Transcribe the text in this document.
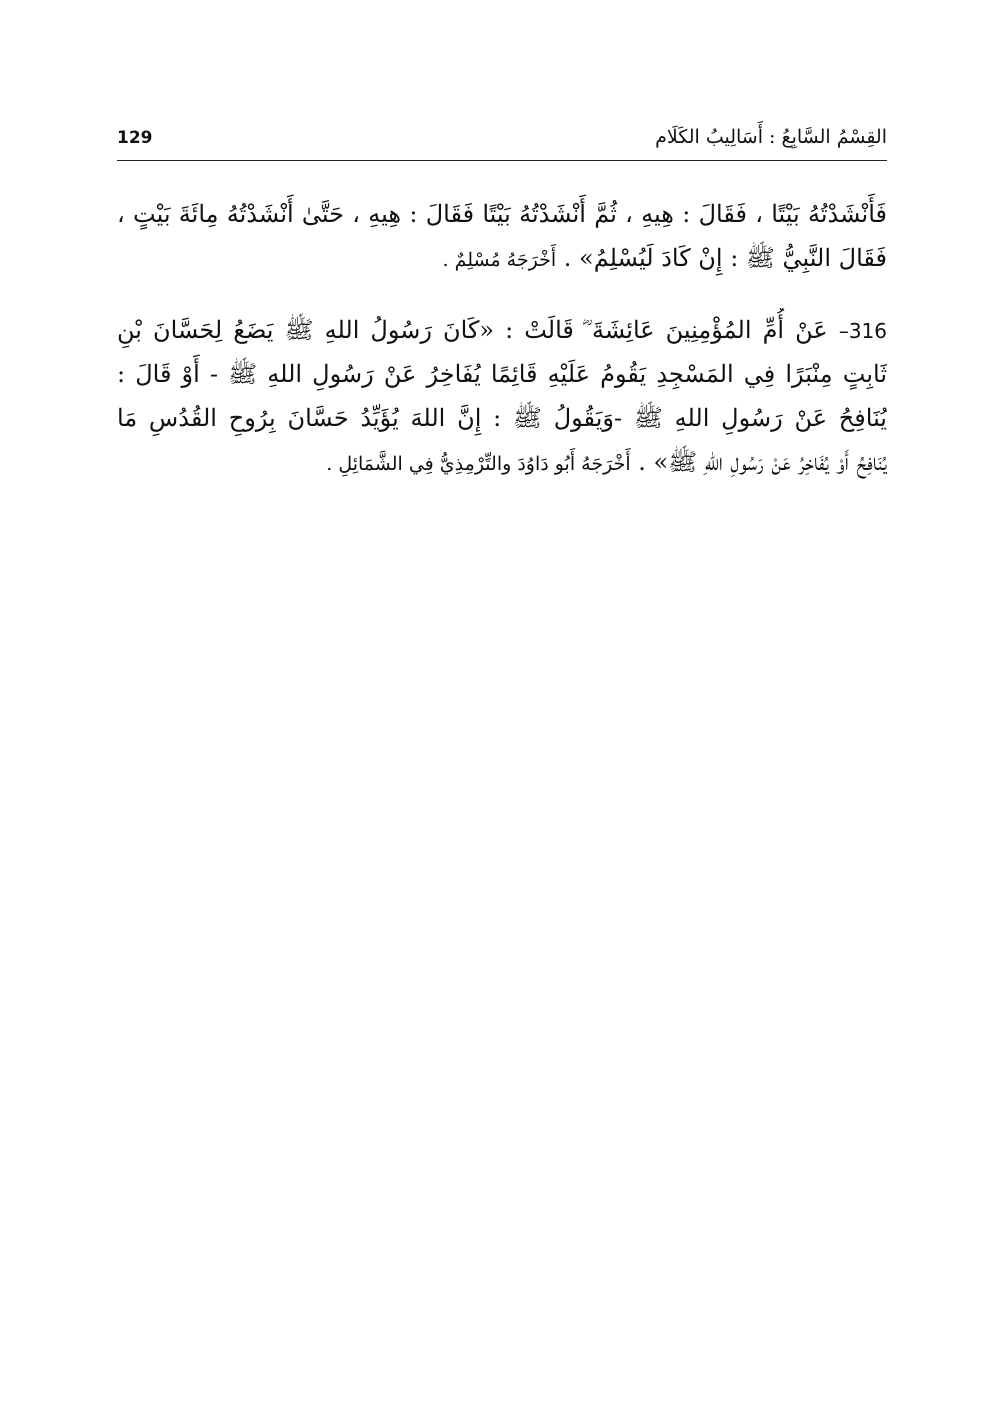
129	القِسْمُ السَّابِعُ : أَسَالِيبُ الكَلَام
فَأَنْشَدْتُهُ بَيْتًا ، فَقَالَ : هِيهِ ، ثُمَّ أَنْشَدْتُهُ بَيْتًا فَقَالَ : هِيهِ ، حَتَّىٰ أَنْشَدْتُهُ مِائَةَ بَيْتٍ ،
فَقَالَ النَّبِيُّ ﷺ : إِنْ كَادَ لَيُسْلِمُ» . أَخْرَجَهُ مُسْلِمٌ .
316– عَنْ أُمِّ المُؤْمِنِينَ عَائِشَةَ ؓ قَالَتْ : «كَانَ رَسُولُ اللهِ ﷺ يَضَعُ لِحَسَّانَ بْنِ
ثَابِتٍ مِنْبَرًا فِي المَسْجِدِ يَقُومُ عَلَيْهِ قَائِمًا يُفَاخِرُ عَنْ رَسُولِ اللهِ ﷺ - أَوْ قَالَ :
يُنَافِحُ عَنْ رَسُولِ اللهِ ﷺ -وَيَقُولُ ﷺ : إِنَّ اللهَ يُؤَيِّدُ حَسَّانَ بِرُوحِ القُدُسِ مَا
يُنَافِحُ أَوْ يُفَاخِرُ عَنْ رَسُولِ اللهِ ﷺ» . أَخْرَجَهُ أَبُو دَاوُدَ والتِّرْمِذِيُّ فِي الشَّمَائِلِ .
